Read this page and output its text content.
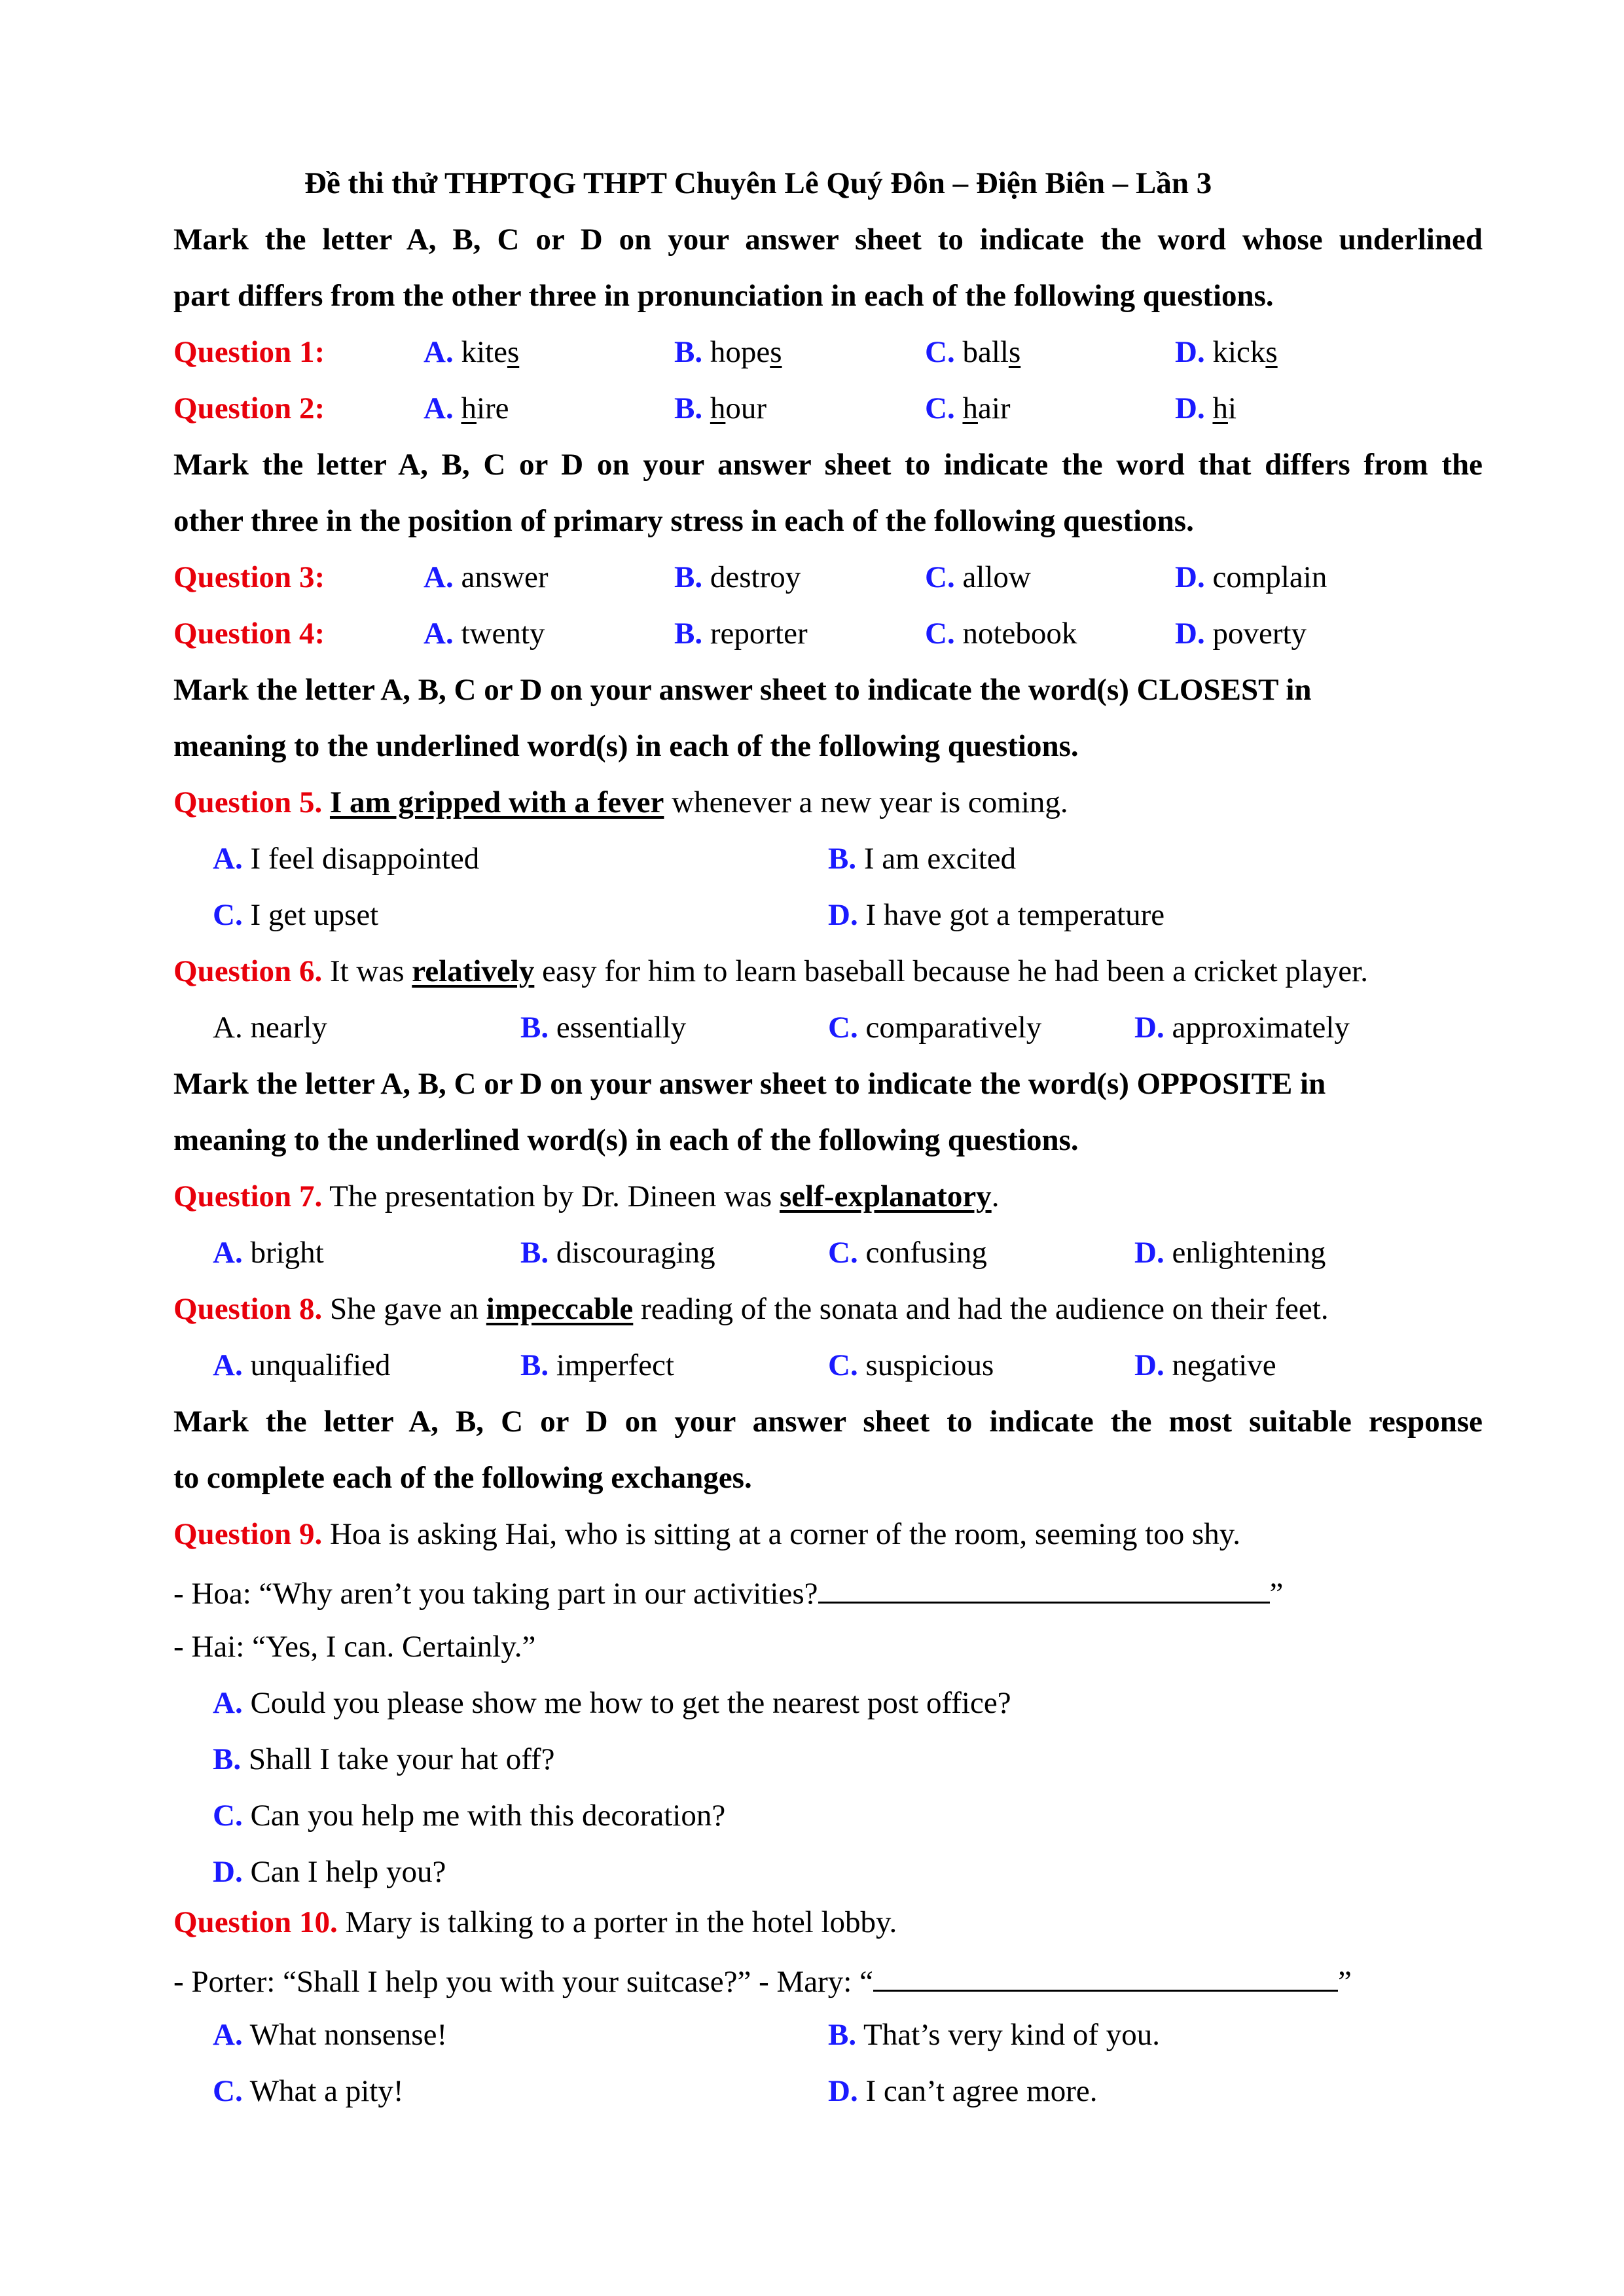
Đề thi thử THPTQG THPT Chuyên Lê Quý Đôn – Điện Biên – Lần 3
Mark the letter A, B, C or D on your answer sheet to indicate the word whose underlined
part differs from the other three in pronunciation in each of the following questions.
Question 1:	A. kites	B. hopes	C. balls	D. kicks
Question 2:	A. hire	B. hour	C. hair	D. hi
Mark the letter A, B, C or D on your answer sheet to indicate the word that differs from the
other three in the position of primary stress in each of the following questions.
Question 3:	A. answer	B. destroy	C. allow	D. complain
Question 4:	A. twenty	B. reporter	C. notebook	D. poverty
Mark the letter A, B, C or D on your answer sheet to indicate the word(s) CLOSEST in
meaning to the underlined word(s) in each of the following questions.
Question 5. I am gripped with a fever whenever a new year is coming.
A. I feel disappointed	B. I am excited
C. I get upset	D. I have got a temperature
Question 6. It was relatively easy for him to learn baseball because he had been a cricket player.
A. nearly	B. essentially	C. comparatively	D. approximately
Mark the letter A, B, C or D on your answer sheet to indicate the word(s) OPPOSITE in
meaning to the underlined word(s) in each of the following questions.
Question 7. The presentation by Dr. Dineen was self-explanatory.
A. bright	B. discouraging	C. confusing	D. enlightening
Question 8. She gave an impeccable reading of the sonata and had the audience on their feet.
A. unqualified	B. imperfect	C. suspicious	D. negative
Mark the letter A, B, C or D on your answer sheet to indicate the most suitable response
to complete each of the following exchanges.
Question 9. Hoa is asking Hai, who is sitting at a corner of the room, seeming too shy.
- Hoa: “Why aren’t you taking part in our activities?	”
- Hai: “Yes, I can. Certainly.”
A. Could you please show me how to get the nearest post office?
B. Shall I take your hat off?
C. Can you help me with this decoration?
D. Can I help you?
Question 10. Mary is talking to a porter in the hotel lobby.
- Porter: “Shall I help you with your suitcase?” - Mary: “	”
A. What nonsense!	B. That’s very kind of you.
C. What a pity!	D. I can’t agree more.
